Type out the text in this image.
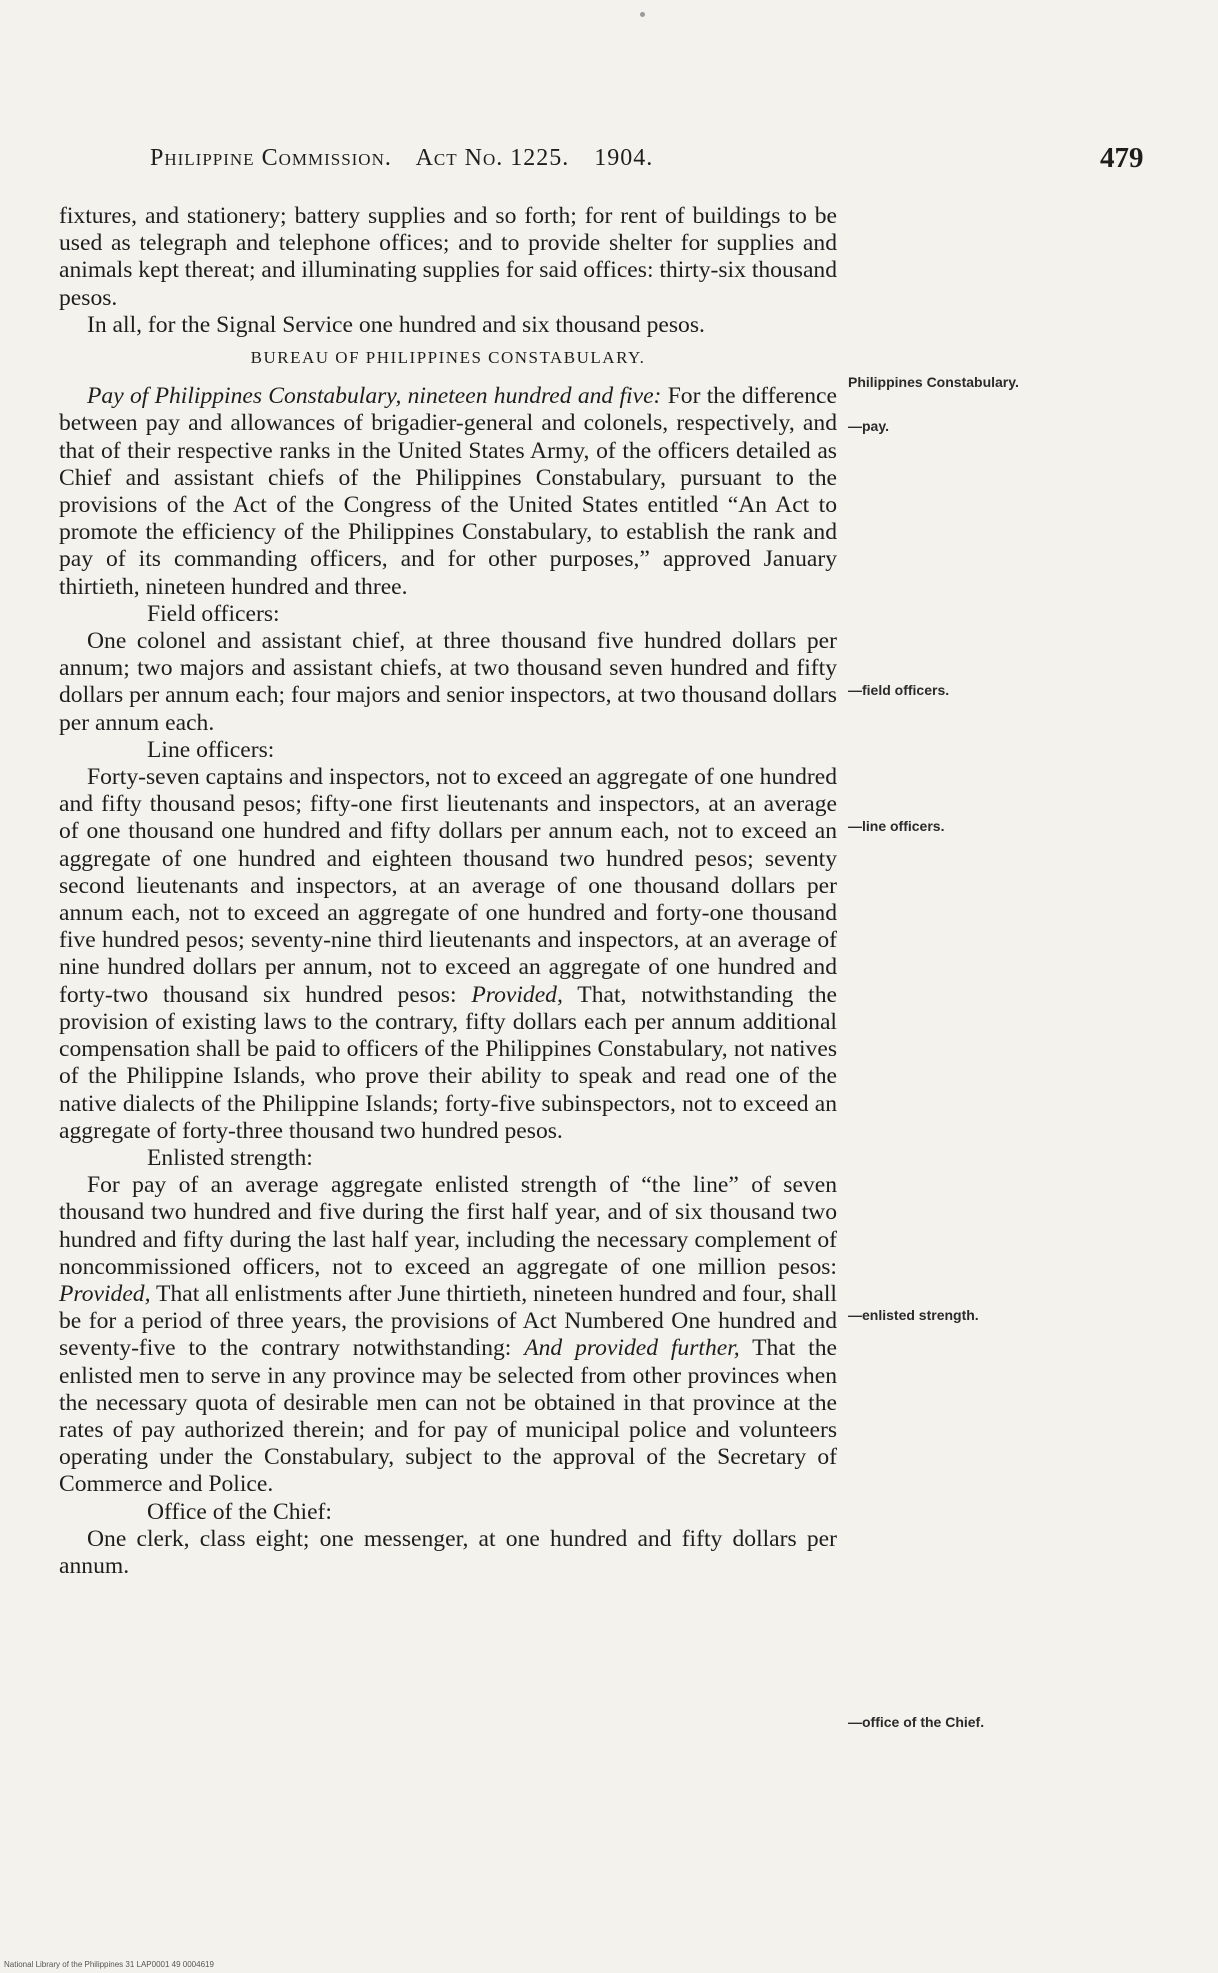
Philippine Commission. Act No. 1225. 1904.	479

fixtures, and stationery; battery supplies and so forth; for rent of buildings to be used as telegraph and telephone offices; and to provide shelter for supplies and animals kept thereat; and illuminating supplies for said offices: thirty-six thousand pesos.

In all, for the Signal Service one hundred and six thousand pesos.

BUREAU OF PHILIPPINES CONSTABULARY.

Pay of Philippines Constabulary, nineteen hundred and five: For the difference between pay and allowances of brigadier-general and colonels, respectively, and that of their respective ranks in the United States Army, of the officers detailed as Chief and assistant chiefs of the Philippines Constabulary, pursuant to the provisions of the Act of the Congress of the United States entitled “An Act to promote the efficiency of the Philippines Constabulary, to establish the rank and pay of its commanding officers, and for other purposes,” approved January thirtieth, nineteen hundred and three.

Field officers:

One colonel and assistant chief, at three thousand five hundred dollars per annum; two majors and assistant chiefs, at two thousand seven hundred and fifty dollars per annum each; four majors and senior inspectors, at two thousand dollars per annum each.

Line officers:

Forty-seven captains and inspectors, not to exceed an aggregate of one hundred and fifty thousand pesos; fifty-one first lieutenants and inspectors, at an average of one thousand one hundred and fifty dollars per annum each, not to exceed an aggregate of one hundred and eighteen thousand two hundred pesos; seventy second lieutenants and inspectors, at an average of one thousand dollars per annum each, not to exceed an aggregate of one hundred and forty-one thousand five hundred pesos; seventy-nine third lieutenants and inspectors, at an average of nine hundred dollars per annum, not to exceed an aggregate of one hundred and forty-two thousand six hundred pesos: Provided, That, notwithstanding the provision of existing laws to the contrary, fifty dollars each per annum additional compensation shall be paid to officers of the Philippines Constabulary, not natives of the Philippine Islands, who prove their ability to speak and read one of the native dialects of the Philippine Islands; forty-five subinspectors, not to exceed an aggregate of forty-three thousand two hundred pesos.

Enlisted strength:

For pay of an average aggregate enlisted strength of “the line” of seven thousand two hundred and five during the first half year, and of six thousand two hundred and fifty during the last half year, including the necessary complement of noncommissioned officers, not to exceed an aggregate of one million pesos: Provided, That all enlistments after June thirtieth, nineteen hundred and four, shall be for a period of three years, the provisions of Act Numbered One hundred and seventy-five to the contrary notwithstanding: And provided further, That the enlisted men to serve in any province may be selected from other provinces when the necessary quota of desirable men can not be obtained in that province at the rates of pay authorized therein; and for pay of municipal police and volunteers operating under the Constabulary, subject to the approval of the Secretary of Commerce and Police.

Office of the Chief:

One clerk, class eight; one messenger, at one hundred and fifty dollars per annum.

Philippines Constabulary.
—pay.
—field officers.
—line officers.
—enlisted strength.
—office of the Chief.
National Library of the Philippines 31 LAP0001 49 0004619
